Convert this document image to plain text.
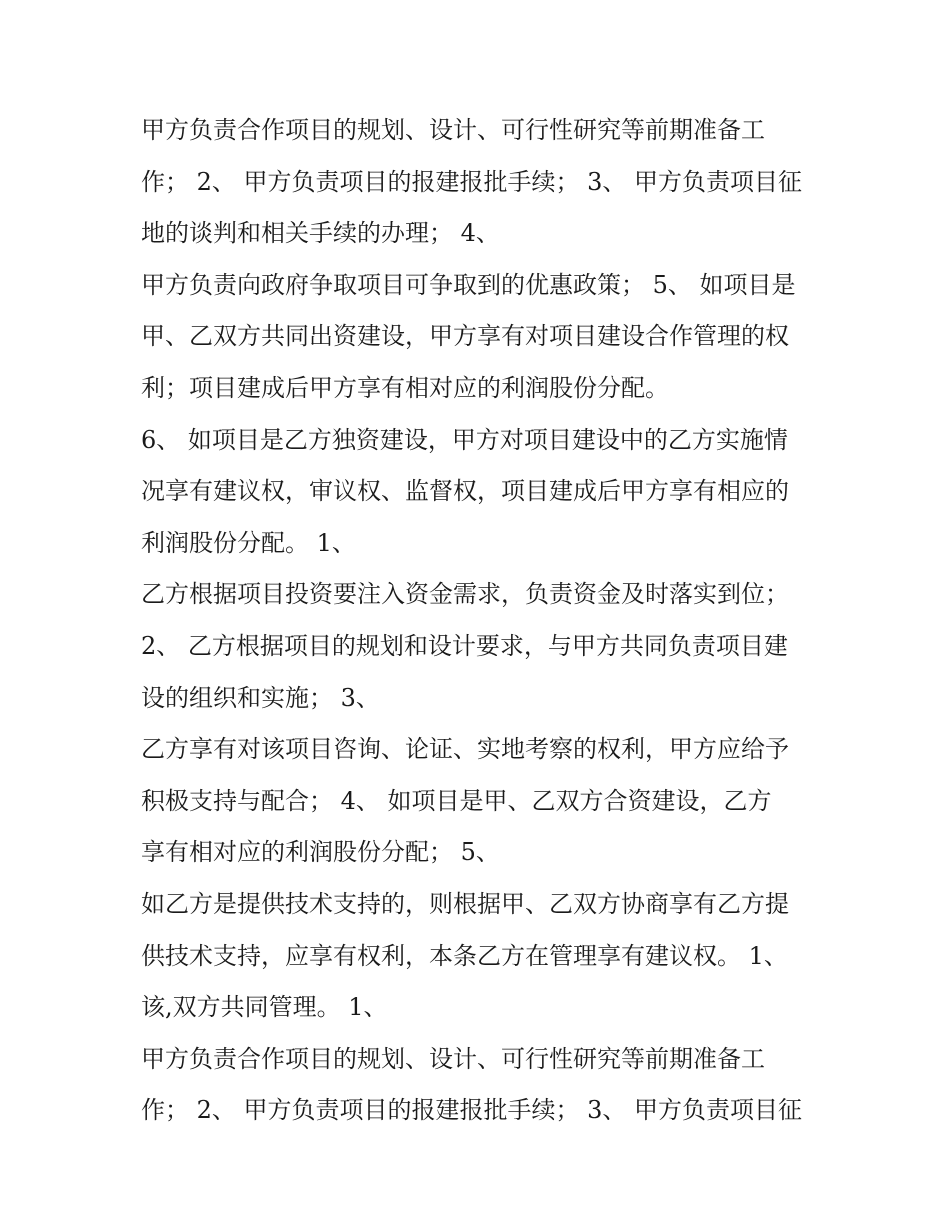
甲方负责合作项目的规划、设计、可行性研究等前期准备工
作； 2、 甲方负责项目的报建报批手续； 3、 甲方负责项目征
地的谈判和相关手续的办理； 4、
甲方负责向政府争取项目可争取到的优惠政策； 5、 如项目是
甲、乙双方共同出资建设，甲方享有对项目建设合作管理的权
利；项目建成后甲方享有相对应的利润股份分配。
6、 如项目是乙方独资建设，甲方对项目建设中的乙方实施情
况享有建议权，审议权、监督权，项目建成后甲方享有相应的
利润股份分配。 1、
乙方根据项目投资要注入资金需求，负责资金及时落实到位；
2、 乙方根据项目的规划和设计要求，与甲方共同负责项目建
设的组织和实施； 3、
乙方享有对该项目咨询、论证、实地考察的权利，甲方应给予
积极支持与配合； 4、 如项目是甲、乙双方合资建设，乙方
享有相对应的利润股份分配； 5、
如乙方是提供技术支持的，则根据甲、乙双方协商享有乙方提
供技术支持，应享有权利，本条乙方在管理享有建议权。 1、
该,双方共同管理。 1、
甲方负责合作项目的规划、设计、可行性研究等前期准备工
作； 2、 甲方负责项目的报建报批手续； 3、 甲方负责项目征
